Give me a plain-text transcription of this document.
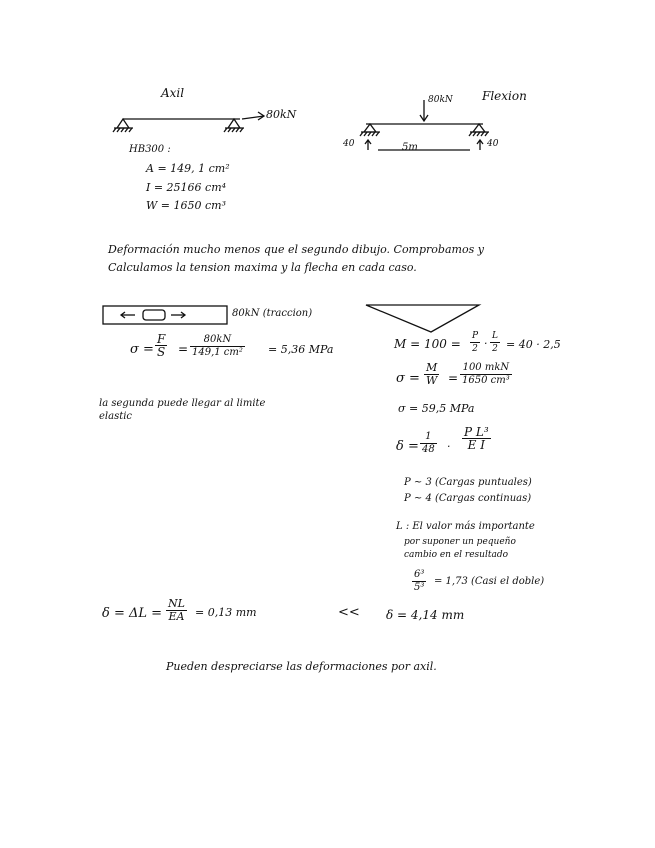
Axil
80kN
HB300 :
A = 149, 1 cm²
I = 25166 cm⁴
W = 1650 cm³
80kN Flexion
40	40
5m
Deformación mucho menos que el segundo dibujo. Comprobamos y
Calculamos la tension maxima y la flecha en cada caso.
80kN (traccion)
$\sigma = \frac{F}{S} = \frac{80kN}{\text{149,1 cm²}} = 5,36$ MPa
la segunda puede llegar al limite
elastic
$M = 100 = \frac{P}{2} \cdot \frac{L}{2} = 40 \cdot 2,5$
$\sigma = \frac{M}{W}$ =
100 mkN
1650 cm³
σ = 59,5 MPa
$\delta = \frac{1}{48} \cdot \frac{\text{P L³}}{\text{E I}}$
P ~ 3 (Cargas puntuales)
P ~ 4 (Cargas continuas)
L : El valor más importante
por suponer un pequeño
cambio en el resultado
$\frac{\text{6³}}{\text{5³}} = 1,73$ (Casi el doble)
$\delta = \Delta L = \frac{NL}{EA} = 0,13$ mm	<< δ = 4,14 mm
Pueden despreciarse las deformaciones por axil.
